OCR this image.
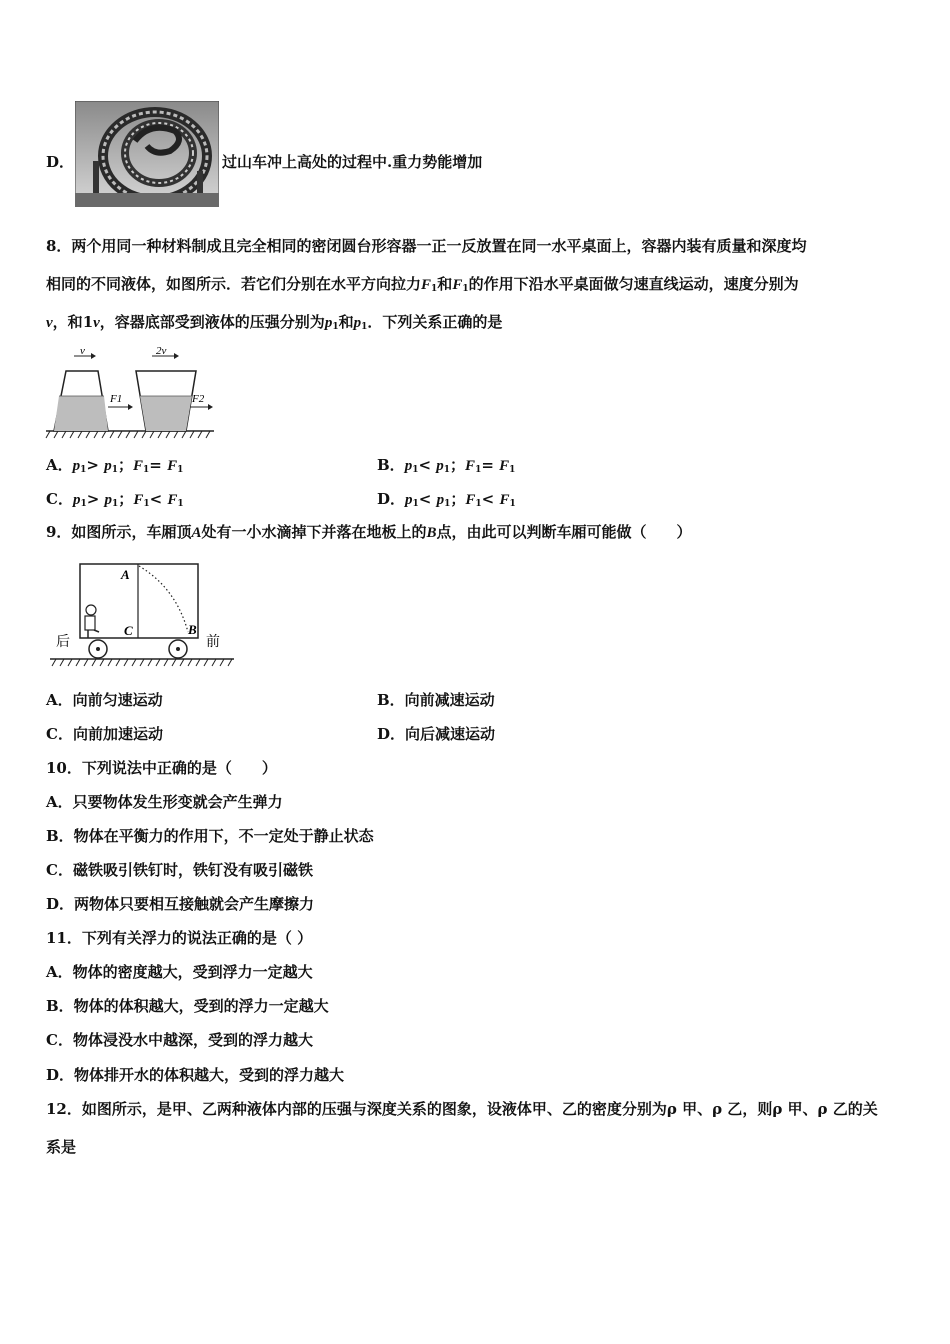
D．	过山车冲上高处的过程中.重力势能增加
8．两个用同一种材料制成且完全相同的密闭圆台形容器一正一反放置在同一水平桌面上，容器内装有质量和深度均
相同的不同液体，如图所示．若它们分别在水平方向拉力$F_1$和$F_1$的作用下沿水平桌面做匀速直线运动，速度分别为
v，和1v，容器底部受到液体的压强分别为$p_1$和$p_1$．下列关系正确的是
v
F1
2v
F2
A．$p_1> p_1$；$F_1= F_1$	B．$p_1< p_1$；$F_1= F_1$
C．$p_1> p_1$；$F_1< F_1$	D．$p_1< p_1$；$F_1< F_1$
9．如图所示，车厢顶A处有一小水滴掉下并落在地板上的B点，由此可以判断车厢可能做（　　）
A
C	B
后	前
A．向前匀速运动	B．向前减速运动
C．向前加速运动	D．向后减速运动
10．下列说法中正确的是（　　）
A．只要物体发生形变就会产生弹力
B．物体在平衡力的作用下，不一定处于静止状态
C．磁铁吸引铁钉时，铁钉没有吸引磁铁
D．两物体只要相互接触就会产生摩擦力
11．下列有关浮力的说法正确的是（ ）
A．物体的密度越大，受到浮力一定越大
B．物体的体积越大，受到的浮力一定越大
C．物体浸没水中越深，受到的浮力越大
D．物体排开水的体积越大，受到的浮力越大
12．如图所示，是甲、乙两种液体内部的压强与深度关系的图象，设液体甲、乙的密度分别为ρ 甲、ρ 乙，则ρ 甲、ρ 乙的关
系是
